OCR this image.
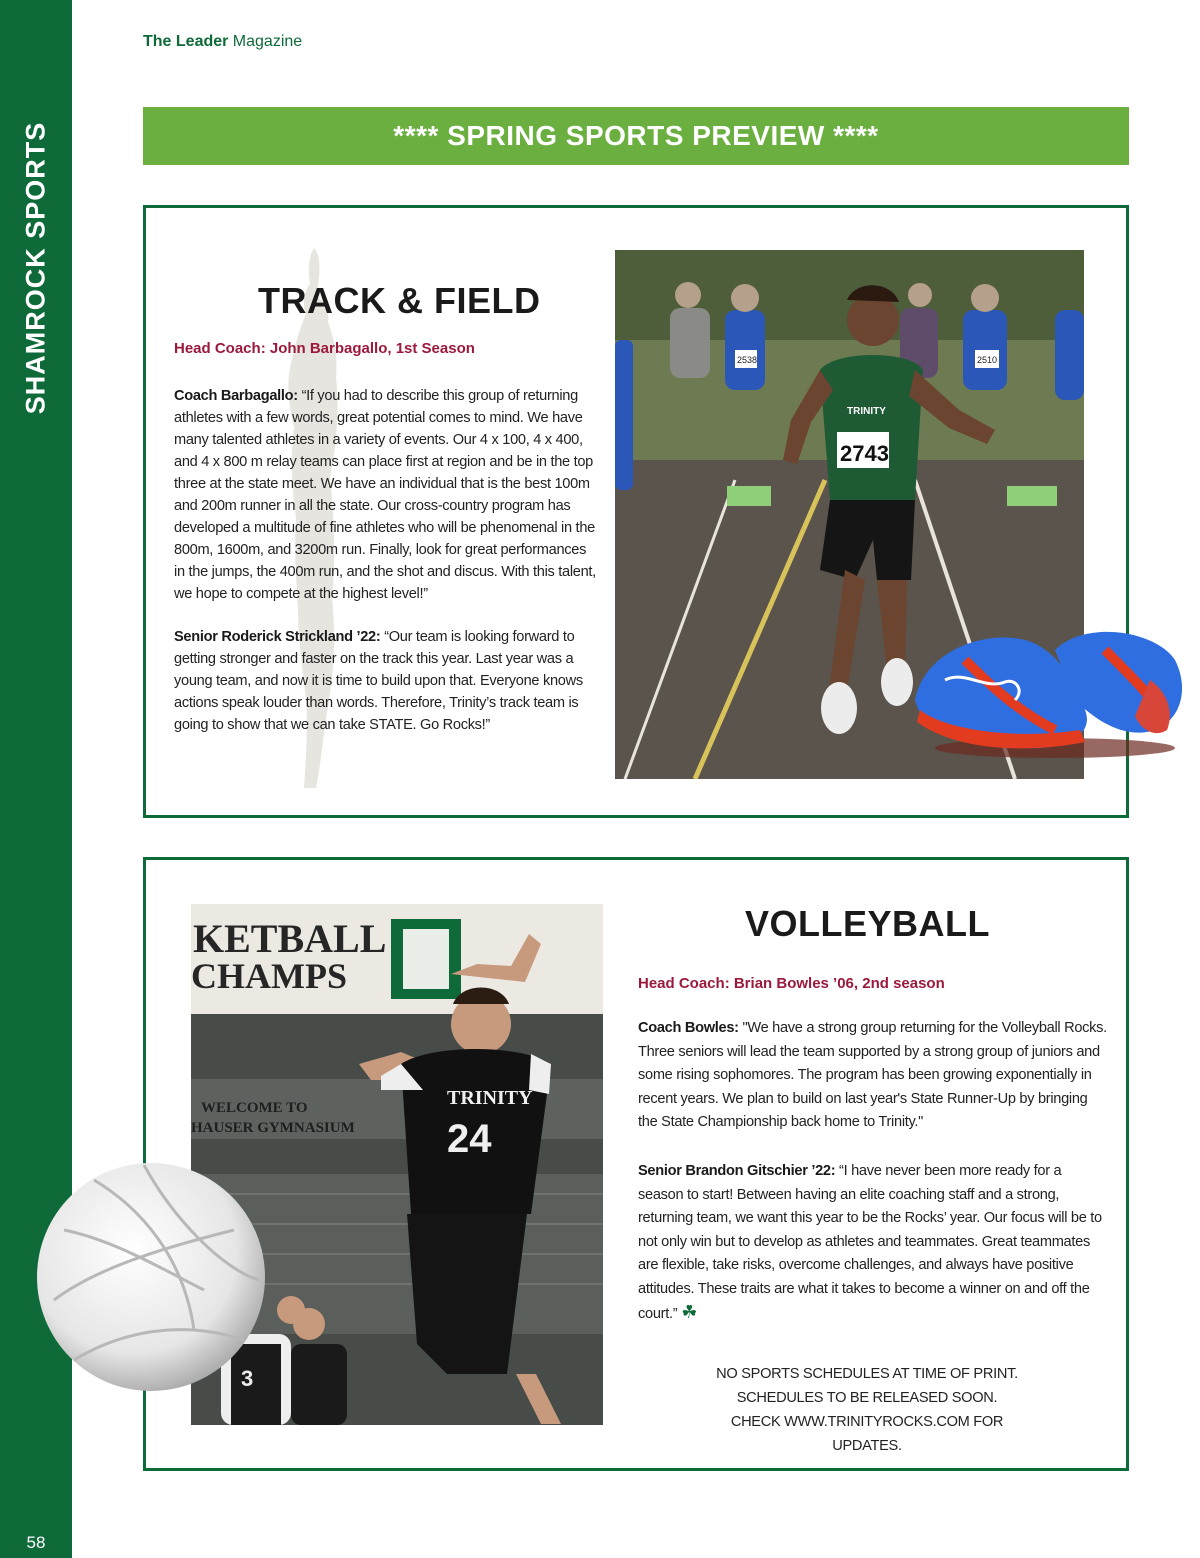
SHAMROCK SPORTS
58
The Leader Magazine
**** SPRING SPORTS PREVIEW ****
TRACK & FIELD
Head Coach: John Barbagallo, 1st Season
Coach Barbagallo: “If you had to describe this group of returning athletes with a few words, great potential comes to mind. We have many talented athletes in a variety of events. Our 4 x 100, 4 x 400, and 4 x 800 m relay teams can place first at region and be in the top three at the state meet. We have an individual that is the best 100m and 200m runner in all the state. Our cross-country program has developed a multitude of fine athletes who will be phenomenal in the 800m, 1600m, and 3200m run. Finally, look for great performances in the jumps, the 400m run, and the shot and discus. With this talent, we hope to compete at the highest level!”
Senior Roderick Strickland ’22: “Our team is looking forward to getting stronger and faster on the track this year. Last year was a young team, and now it is time to build upon that. Everyone knows actions speak louder than words. Therefore, Trinity’s track team is going to show that we can take STATE. Go Rocks!”
2538	2510
2743
TRINITY
KETBALL
CHAMPS
WELCOME TO
HAUSER GYMNASIUM
TRINITY
24
3
VOLLEYBALL
Head Coach: Brian Bowles ’06, 2nd season
Coach Bowles: "We have a strong group returning for the Volleyball Rocks. Three seniors will lead the team supported by a strong group of juniors and some rising sophomores. The program has been growing exponentially in recent years. We plan to build on last year's State Runner-Up by bringing the State Championship back home to Trinity."
Senior Brandon Gitschier ’22: “I have never been more ready for a season to start! Between having an elite coaching staff and a strong, returning team, we want this year to be the Rocks’ year. Our focus will be to not only win but to develop as athletes and teammates. Great teammates are flexible, take risks, overcome challenges, and always have positive attitudes. These traits are what it takes to become a winner on and off the court.” ☘
NO SPORTS SCHEDULES AT TIME OF PRINT.
SCHEDULES TO BE RELEASED SOON.
CHECK WWW.TRINITYROCKS.COM FOR UPDATES.
